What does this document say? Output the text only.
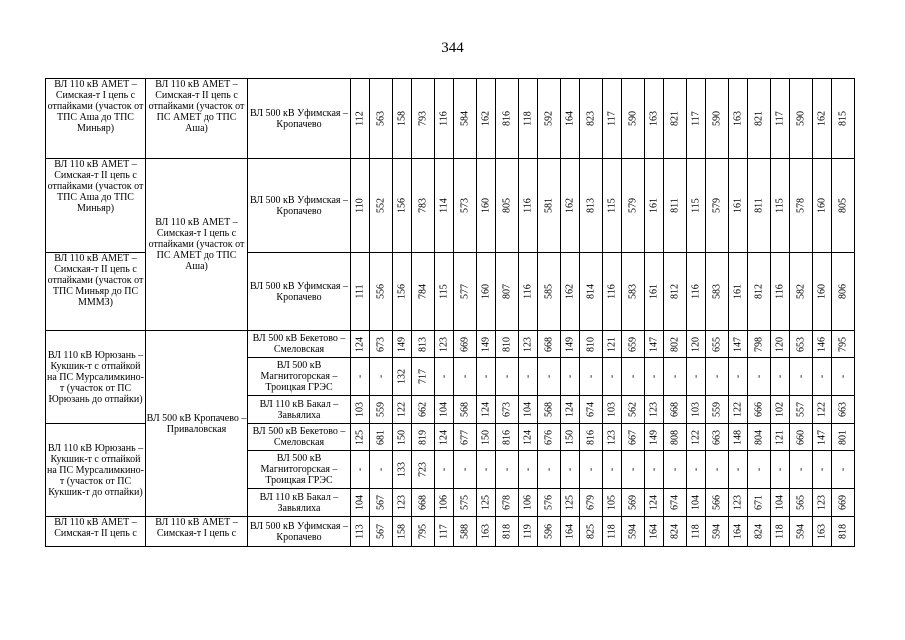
344
ВЛ 110 кВ АМЕТ – Симская-т I цепь с отпайками (участок от ТПС Аша до ТПС Миньяр)	ВЛ 110 кВ АМЕТ – Симская-т II цепь с отпайками (участок от ПС АМЕТ до ТПС Аша)	ВЛ 500 кВ Уфимская – Кропачево	112	563	158	793	116	584	162	816	118	592	164	823	117	590	163	821	117	590	163	821	117	590	162	815

ВЛ 110 кВ АМЕТ – Симская-т II цепь с отпайками (участок от ТПС Аша до ТПС Миньяр)	ВЛ 110 кВ АМЕТ – Симская-т I цепь с отпайками (участок от ПС АМЕТ до ТПС Аша)	ВЛ 500 кВ Уфимская – Кропачево	110	552	156	783	114	573	160	805	116	581	162	813	115	579	161	811	115	579	161	811	115	578	160	805

ВЛ 110 кВ АМЕТ – Симская-т II цепь с отпайками (участок от ТПС Миньяр до ПС МММЗ)		ВЛ 500 кВ Уфимская – Кропачево	111	556	156	784	115	577	160	807	116	585	162	814	116	583	161	812	116	583	161	812	116	582	160	806

ВЛ 110 кВ Юрюзань – Кукшик-т с отпайкой на ПС Мурсалимкино-т (участок от ПС Юрюзань до отпайки)	ВЛ 500 кВ Кропачево – Приваловская	ВЛ 500 кВ Бекетово – Смеловская	124	673	149	813	123	669	149	810	123	668	149	810	121	659	147	802	120	655	147	798	120	653	146	795

		ВЛ 500 кВ Магнитогорская – Троицкая ГРЭС	-	-	132	717	-	-	-	-	-	-	-	-	-	-	-	-	-	-	-	-	-	-	-	-

		ВЛ 110 кВ Бакал – Завьялиха	103	559	122	662	104	568	124	673	104	568	124	674	103	562	123	668	103	559	122	666	102	557	122	663

ВЛ 110 кВ Юрюзань – Кукшик-т с отпайкой на ПС Мурсалимкино-т (участок от ПС Кукшик-т до отпайки)		ВЛ 500 кВ Бекетово – Смеловская	125	681	150	819	124	677	150	816	124	676	150	816	123	667	149	808	122	663	148	804	121	660	147	801

		ВЛ 500 кВ Магнитогорская – Троицкая ГРЭС	-	-	133	723	-	-	-	-	-	-	-	-	-	-	-	-	-	-	-	-	-	-	-	-

		ВЛ 110 кВ Бакал – Завьялиха	104	567	123	668	106	575	125	678	106	576	125	679	105	569	124	674	104	566	123	671	104	565	123	669

ВЛ 110 кВ АМЕТ – Симская-т II цепь с	ВЛ 110 кВ АМЕТ – Симская-т I цепь с	ВЛ 500 кВ Уфимская – Кропачево	113	567	158	795	117	588	163	818	119	596	164	825	118	594	164	824	118	594	164	824	118	594	163	818
